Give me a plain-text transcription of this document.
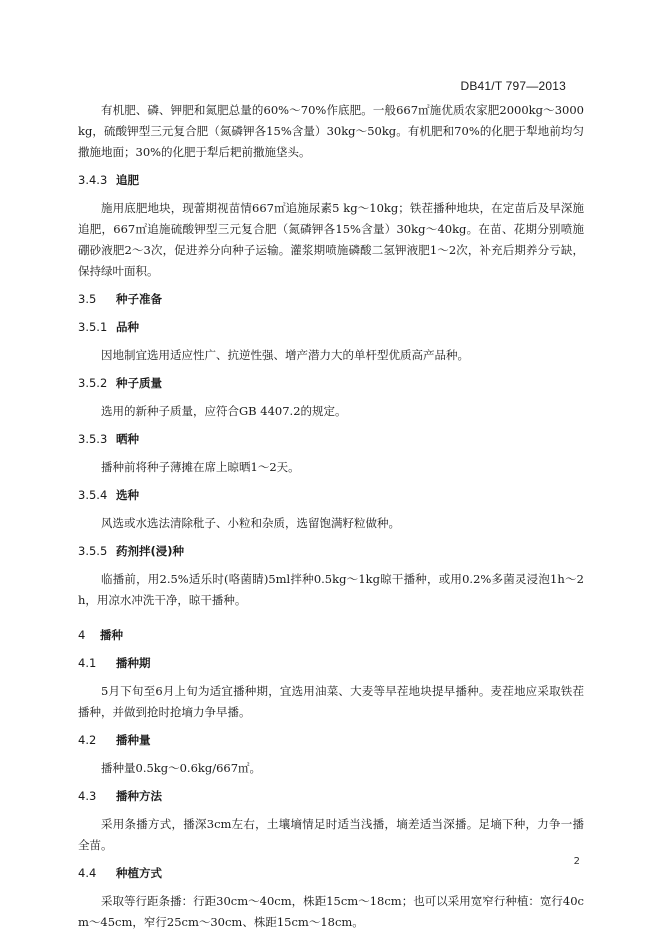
DB41/T 797—2013

有机肥、磷、钾肥和氮肥总量的60%～70%作底肥。一般667㎡施优质农家肥2000kg～3000kg，硫酸钾型三元复合肥（氮磷钾各15%含量）30kg～50kg。有机肥和70%的化肥于犁地前均匀撒施地面；30%的化肥于犁后耙前撒施垡头。

3.4.3 追肥

施用底肥地块，现蕾期视苗情667㎡追施尿素5 kg～10kg；铁茬播种地块，在定苗后及早深施追肥，667㎡追施硫酸钾型三元复合肥（氮磷钾各15%含量）30kg～40kg。在苗、花期分别喷施硼砂液肥2～3次，促进养分向种子运输。灌浆期喷施磷酸二氢钾液肥1～2次，补充后期养分亏缺，保持绿叶面积。

3.5 种子准备
3.5.1 品种

因地制宜选用适应性广、抗逆性强、增产潜力大的单杆型优质高产品种。

3.5.2 种子质量

选用的新种子质量，应符合GB 4407.2的规定。

3.5.3 晒种

播种前将种子薄摊在席上晾晒1～2天。

3.5.4 选种

风选或水选法清除秕子、小粒和杂质，选留饱满籽粒做种。

3.5.5 药剂拌(浸)种

临播前，用2.5%适乐时(咯菌睛)5ml拌种0.5kg～1kg晾干播种，或用0.2%多菌灵浸泡1h～2h，用凉水冲洗干净，晾干播种。

4 播种
4.1 播种期

5月下旬至6月上旬为适宜播种期，宜选用油菜、大麦等早茬地块提早播种。麦茬地应采取铁茬播种，并做到抢时抢墒力争早播。

4.2 播种量

播种量0.5kg～0.6kg/667㎡。

4.3 播种方法

采用条播方式，播深3cm左右，土壤墒情足时适当浅播，墒差适当深播。足墒下种，力争一播全苗。

4.4 种植方式

采取等行距条播：行距30cm～40cm，株距15cm～18cm；也可以采用宽窄行种植：宽行40cm～45cm，窄行25cm～30cm、株距15cm～18cm。

2
